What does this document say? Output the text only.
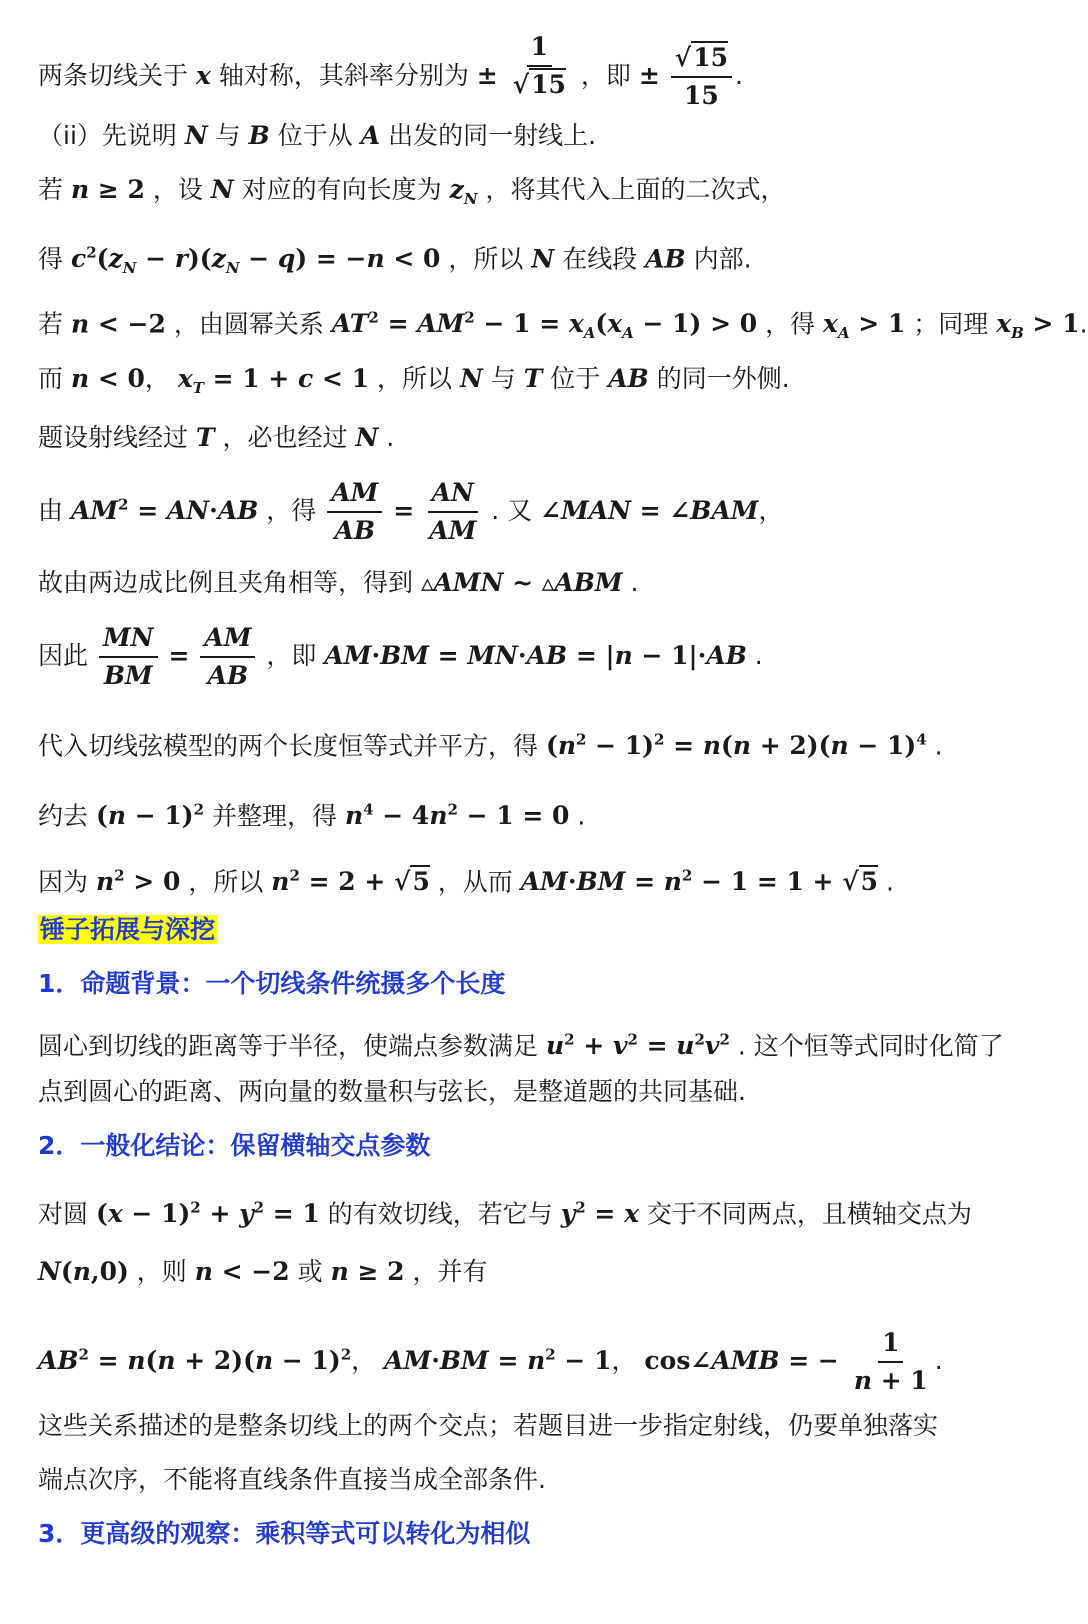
两条切线关于 x 轴对称，其斜率分别为 ± $\frac{1}{√15}$ ，即 ± $\frac{√15}{15}$ .
（ii）先说明 N 与 B 位于从 A 出发的同一射线上.
若 n ≥ 2 ，设 N 对应的有向长度为 $z_N$ ，将其代入上面的二次式，
得 $c^2(z_N - r)(z_N - q) = -n < 0$ ，所以 N 在线段 AB 内部.
若 n < −2 ，由圆幂关系 $AT^2 = AM^2 - 1 = x_A(x_A - 1) > 0$ ，得 $x_A > 1$ ；同理 $x_B > 1$.
而 n < 0， $x_T = 1 + c < 1$ ，所以 N 与 T 位于 AB 的同一外侧.
题设射线经过 T ，必也经过 N .
由 $AM^2 = AN\cdot AB$ ，得 $\frac{AM}{AB} = \frac{AN}{AM}$ . 又 ∠MAN = ∠BAM，
故由两边成比例且夹角相等，得到 ▵AMN ~ ▵ABM .
因此 $\frac{MN}{BM} = \frac{AM}{AB}$ ，即 AM·BM = MN·AB = |n − 1|·AB .
代入切线弦模型的两个长度恒等式并平方，得 $(n^2 - 1)^2 = n(n + 2)(n - 1)^4$ .
约去 $(n - 1)^2$ 并整理，得 $n^4 - 4n^2 - 1 = 0$ .
因为 $n^2 > 0$ ，所以 $n^2 = 2 + √5$ ，从而 $AM\cdot BM = n^2 - 1 = 1 + √5$ .
锤子拓展与深挖
1．命题背景：一个切线条件统摄多个长度
圆心到切线的距离等于半径，使端点参数满足 $u^2 + v^2 = u^2v^2$ . 这个恒等式同时化简了
点到圆心的距离、两向量的数量积与弦长，是整道题的共同基础.
2．一般化结论：保留横轴交点参数
对圆 $(x - 1)^2 + y^2 = 1$ 的有效切线，若它与 $y^2 = x$ 交于不同两点，且横轴交点为
N(n,0) ，则 n < −2 或 n ≥ 2 ，并有
$AB^2 = n(n + 2)(n - 1)^2$， $AM\cdot BM = n^2 - 1$， cos∠AMB = − $\frac{1}{n + 1}$ .
这些关系描述的是整条切线上的两个交点；若题目进一步指定射线，仍要单独落实
端点次序，不能将直线条件直接当成全部条件.
3．更高级的观察：乘积等式可以转化为相似
